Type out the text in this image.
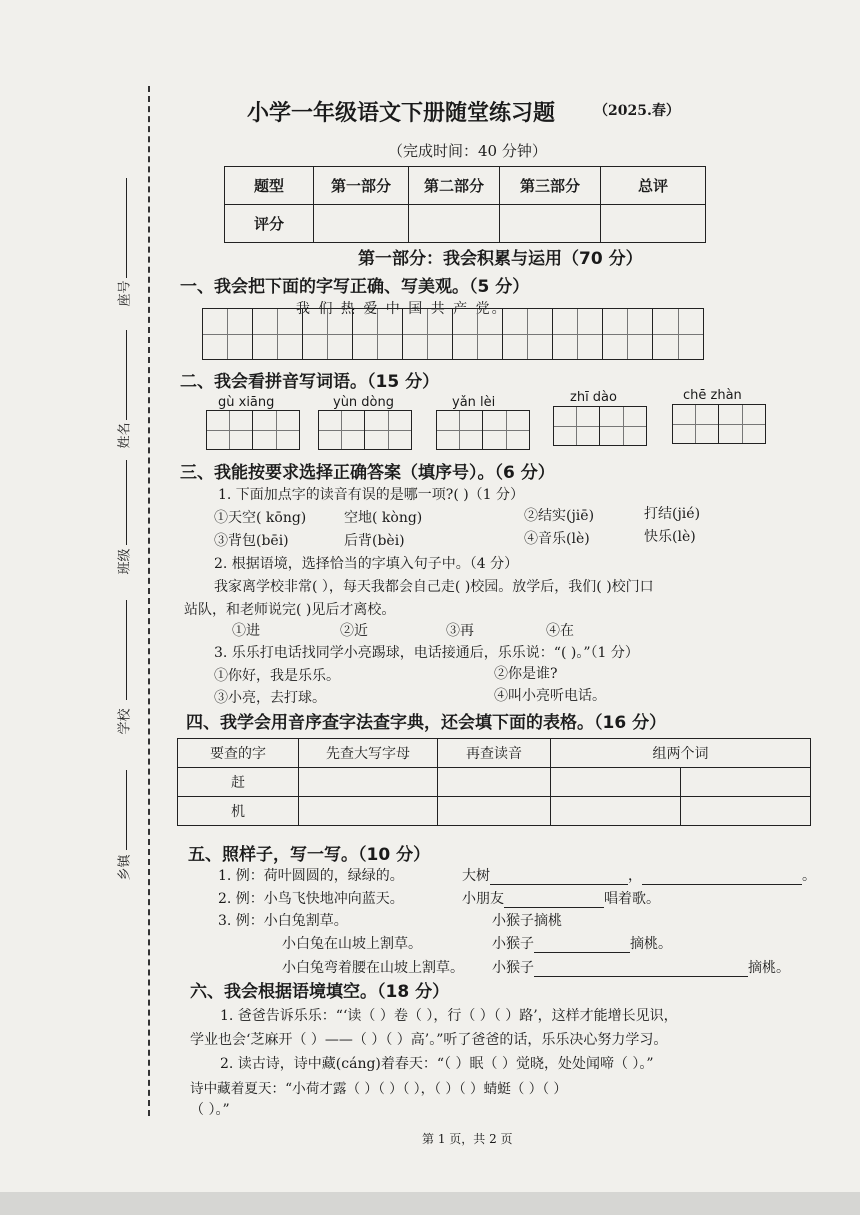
座号
姓名
班级
学校
乡镇
小学一年级语文下册随堂练习题	（2025.春）
（完成时间：40 分钟）
题型	第一部分	第二部分	第三部分	总评
评分				
第一部分：我会积累与运用（70 分）
一、我会把下面的字写正确、写美观。（5 分）
二、我会看拼音写词语。（15 分）
gù xiāng	yùn dòng	yǎn lèi	zhī dào	chē zhàn
三、我能按要求选择正确答案（填序号）。（6 分）
1. 下面加点字的读音有误的是哪一项?( )（1 分）
①天空( kōng)	空地( kòng)	②结实(jiē)	打结(jié)
③背包(bēi)	后背(bèi)	④音乐(lè)	快乐(lè)
2. 根据语境，选择恰当的字填入句子中。（4 分）
我家离学校非常( ），每天我都会自己走( )校园。放学后，我们( )校门口
站队，和老师说完( )见后才离校。
①进	②近	③再	④在
3. 乐乐打电话找同学小亮踢球，电话接通后，乐乐说：“( )。”（1 分）
①你好，我是乐乐。	②你是谁?
③小亮，去打球。	④叫小亮听电话。
四、我学会用音序查字法查字典，还会填下面的表格。（16 分）
要查的字	先查大写字母	再查读音	组两个词	
赶				
机				
五、照样子，写一写。（10 分）
1. 例：荷叶圆圆的，绿绿的。	大树	，	。
2. 例：小鸟飞快地冲向蓝天。	小朋友	唱着歌。
3. 例：小白兔割草。	小猴子摘桃
小白兔在山坡上割草。	小猴子	摘桃。
小白兔弯着腰在山坡上割草。 小猴子	摘桃。
六、我会根据语境填空。（18 分）
1. 爸爸告诉乐乐：“‘读（ ）卷（ ），行（ ）（ ）路’，这样才能增长见识，
学业也会‘芝麻开（ ）——（ ）（ ）高’。”听了爸爸的话，乐乐决心努力学习。
2. 读古诗，诗中藏(cáng)着春天：“（ ）眠（ ）觉晓，处处闻啼（ ）。”
诗中藏着夏天：“小荷才露（ ）（ ）（ ），（ ）（ ）蜻蜓（ ）（ ）
（ ）。”
第 1 页，共 2 页
